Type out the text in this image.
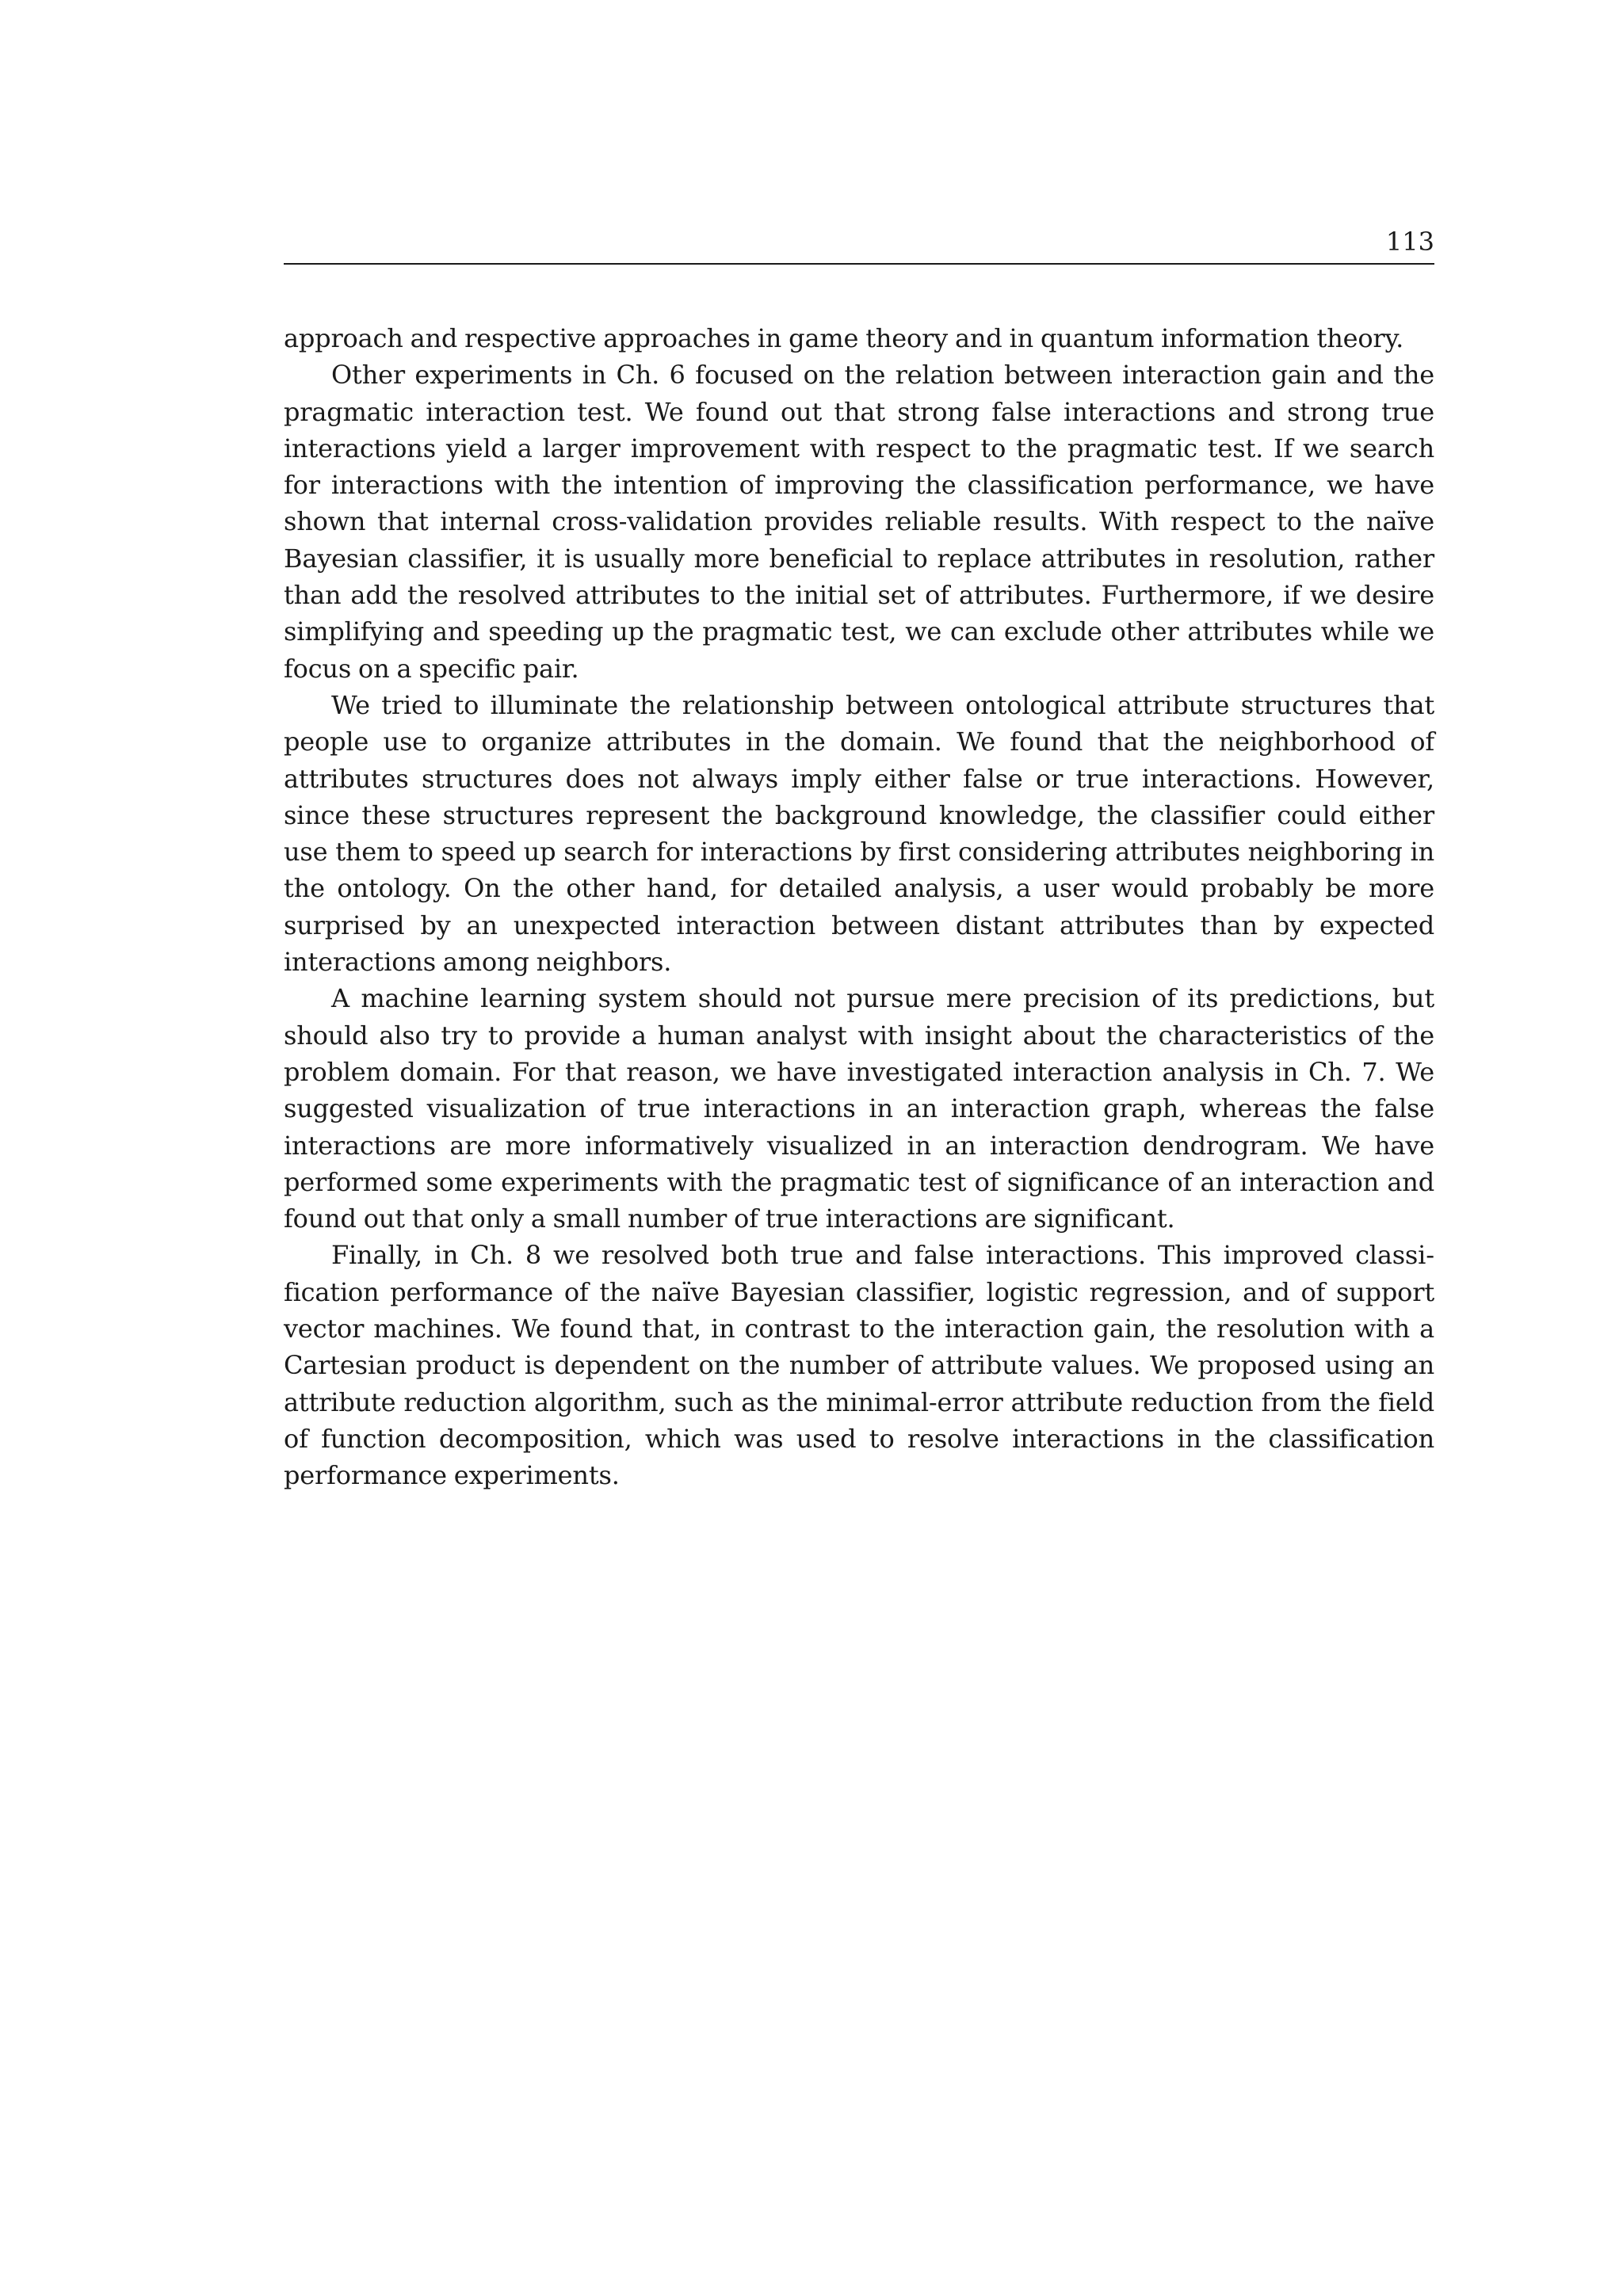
113

approach and respective approaches in game theory and in quantum information theory.

Other experiments in Ch. 6 focused on the relation between interaction gain and the pragmatic interaction test. We found out that strong false interactions and strong true interactions yield a larger improvement with respect to the pragmatic test. If we search for interactions with the intention of improving the classification performance, we have shown that internal cross-validation provides reliable results. With respect to the naïve Bayesian classifier, it is usually more beneficial to replace attributes in resolution, rather than add the resolved attributes to the initial set of attributes. Furthermore, if we desire simplifying and speeding up the pragmatic test, we can exclude other attributes while we focus on a specific pair.

We tried to illuminate the relationship between ontological attribute structures that people use to organize attributes in the domain. We found that the neighborhood of attributes structures does not always imply either false or true interactions. However, since these structures represent the background knowledge, the classifier could either use them to speed up search for interactions by first considering attributes neighboring in the ontology. On the other hand, for detailed analysis, a user would probably be more surprised by an unexpected interaction between distant attributes than by expected interactions among neighbors.

A machine learning system should not pursue mere precision of its predictions, but should also try to provide a human analyst with insight about the characteristics of the problem domain. For that reason, we have investigated interaction analysis in Ch. 7. We suggested visualization of true interactions in an interaction graph, whereas the false interactions are more informatively visualized in an interaction dendrogram. We have performed some experiments with the pragmatic test of significance of an interaction and found out that only a small number of true interactions are significant.

Finally, in Ch. 8 we resolved both true and false interactions. This improved classification performance of the naïve Bayesian classifier, logistic regression, and of support vector machines. We found that, in contrast to the interaction gain, the resolution with a Cartesian product is dependent on the number of attribute values. We proposed using an attribute reduction algorithm, such as the minimal-error attribute reduction from the field of function decomposition, which was used to resolve interactions in the classification performance experiments.
